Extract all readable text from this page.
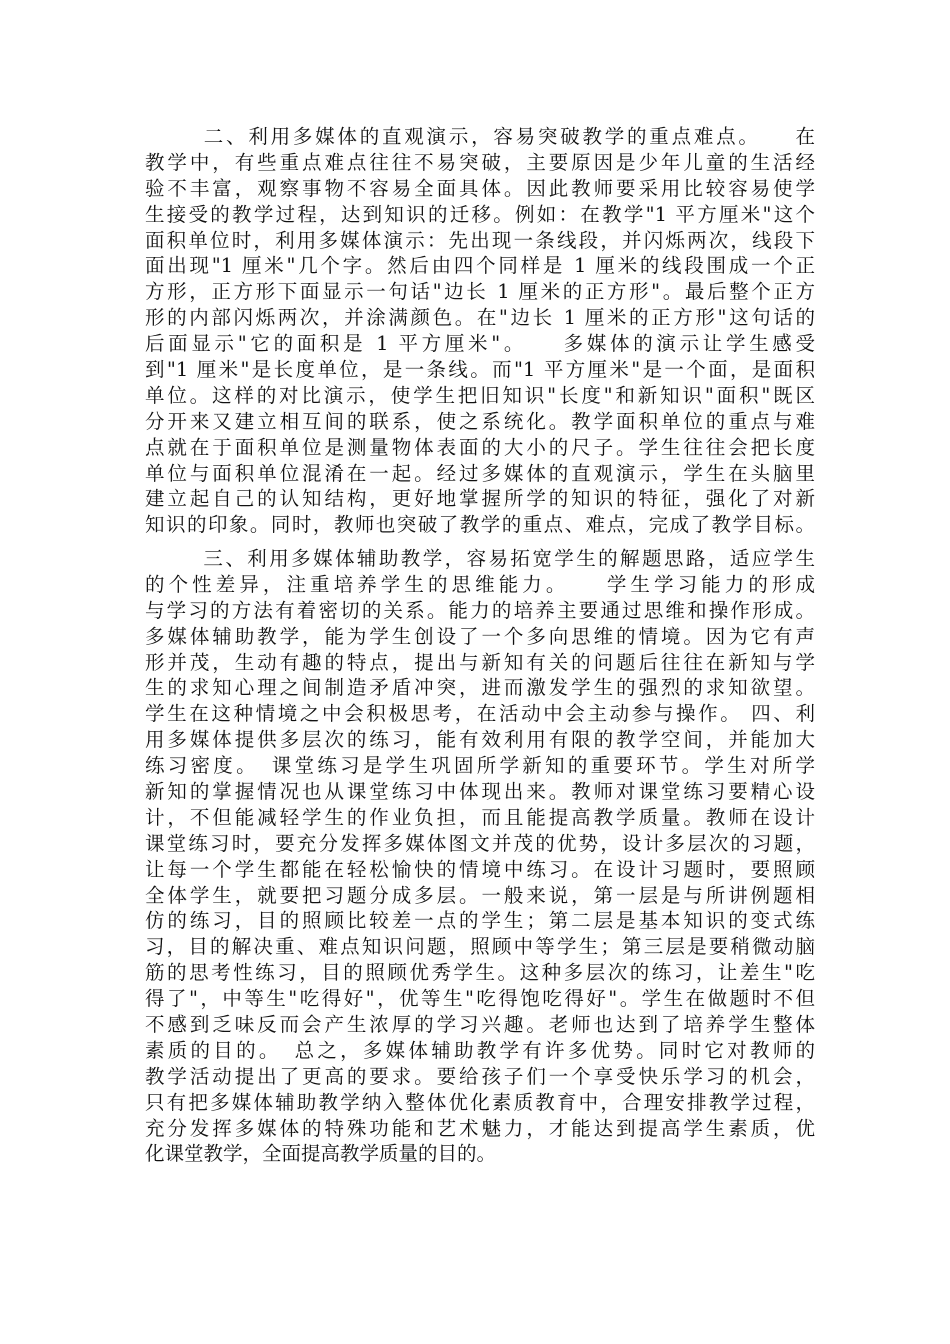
二、利用多媒体的直观演示，容易突破教学的重点难点。　　在
教学中，有些重点难点往往不易突破，主要原因是少年儿童的生活经
验不丰富，观察事物不容易全面具体。因此教师要采用比较容易使学
生接受的教学过程，达到知识的迁移。例如：在教学"1 平方厘米"这个
面积单位时，利用多媒体演示：先出现一条线段，并闪烁两次，线段下
面出现"1 厘米"几个字。然后由四个同样是 1 厘米的线段围成一个正
方形，正方形下面显示一句话"边长 1 厘米的正方形"。最后整个正方
形的内部闪烁两次，并涂满颜色。在"边长 1 厘米的正方形"这句话的
后面显示"它的面积是 1 平方厘米"。　　多媒体的演示让学生感受
到"1 厘米"是长度单位，是一条线。而"1 平方厘米"是一个面，是面积
单位。这样的对比演示，使学生把旧知识"长度"和新知识"面积"既区
分开来又建立相互间的联系，使之系统化。教学面积单位的重点与难
点就在于面积单位是测量物体表面的大小的尺子。学生往往会把长度
单位与面积单位混淆在一起。经过多媒体的直观演示，学生在头脑里
建立起自己的认知结构，更好地掌握所学的知识的特征，强化了对新
知识的印象。同时，教师也突破了教学的重点、难点，完成了教学目标。
三、利用多媒体辅助教学，容易拓宽学生的解题思路，适应学生
的个性差异，注重培养学生的思维能力。　　学生学习能力的形成
与学习的方法有着密切的关系。能力的培养主要通过思维和操作形成。
多媒体辅助教学，能为学生创设了一个多向思维的情境。因为它有声
形并茂，生动有趣的特点，提出与新知有关的问题后往往在新知与学
生的求知心理之间制造矛盾冲突，进而激发学生的强烈的求知欲望。
学生在这种情境之中会积极思考，在活动中会主动参与操作。 四、利
用多媒体提供多层次的练习，能有效利用有限的教学空间，并能加大
练习密度。　课堂练习是学生巩固所学新知的重要环节。学生对所学
新知的掌握情况也从课堂练习中体现出来。教师对课堂练习要精心设
计，不但能减轻学生的作业负担，而且能提高教学质量。教师在设计
课堂练习时，要充分发挥多媒体图文并茂的优势，设计多层次的习题，
让每一个学生都能在轻松愉快的情境中练习。在设计习题时，要照顾
全体学生，就要把习题分成多层。一般来说，第一层是与所讲例题相
仿的练习，目的照顾比较差一点的学生；第二层是基本知识的变式练
习，目的解决重、难点知识问题，照顾中等学生；第三层是要稍微动脑
筋的思考性练习，目的照顾优秀学生。这种多层次的练习，让差生"吃
得了"，中等生"吃得好"，优等生"吃得饱吃得好"。学生在做题时不但
不感到乏味反而会产生浓厚的学习兴趣。老师也达到了培养学生整体
素质的目的。　总之，多媒体辅助教学有许多优势。同时它对教师的
教学活动提出了更高的要求。要给孩子们一个享受快乐学习的机会，
只有把多媒体辅助教学纳入整体优化素质教育中，合理安排教学过程，
充分发挥多媒体的特殊功能和艺术魅力，才能达到提高学生素质，优
化课堂教学，全面提高教学质量的目的。
